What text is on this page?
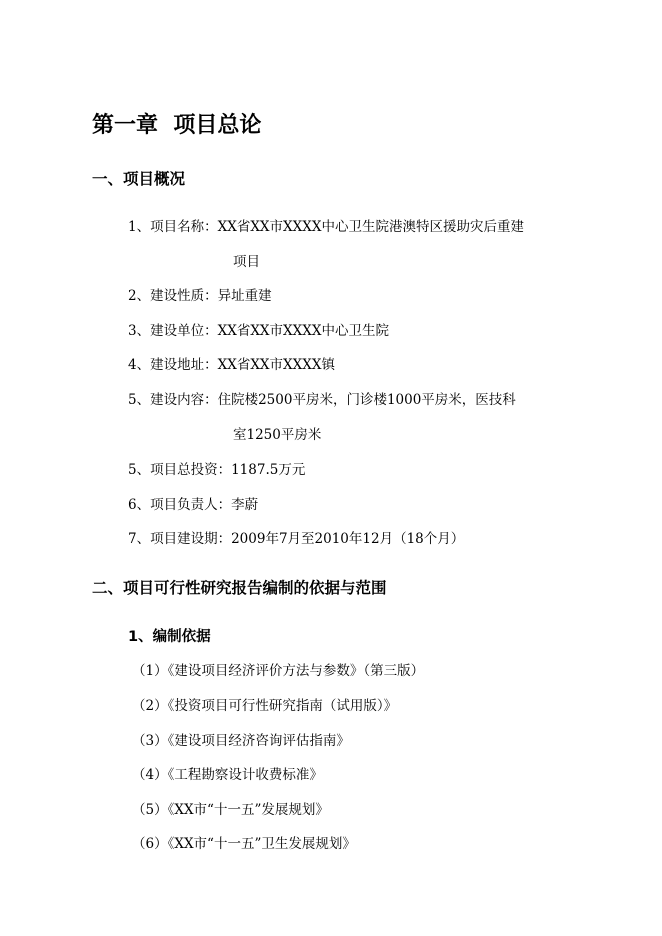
第一章  项目总论
一、项目概况
1、项目名称：XX省XX市XXXX中心卫生院港澳特区援助灾后重建
项目
2、建设性质：异址重建
3、建设单位：XX省XX市XXXX中心卫生院
4、建设地址：XX省XX市XXXX镇
5、建设内容：住院楼2500平房米，门诊楼1000平房米，医技科
室1250平房米
5、项目总投资：1187.5万元
6、项目负责人：李蔚
7、项目建设期：2009年7月至2010年12月（18个月）
二、项目可行性研究报告编制的依据与范围
1、编制依据
（1）《建设项目经济评价方法与参数》（第三版）
（2）《投资项目可行性研究指南（试用版）》
（3）《建设项目经济咨询评估指南》
（4）《工程勘察设计收费标准》
（5）《XX市“十一五”发展规划》
（6）《XX市“十一五”卫生发展规划》
